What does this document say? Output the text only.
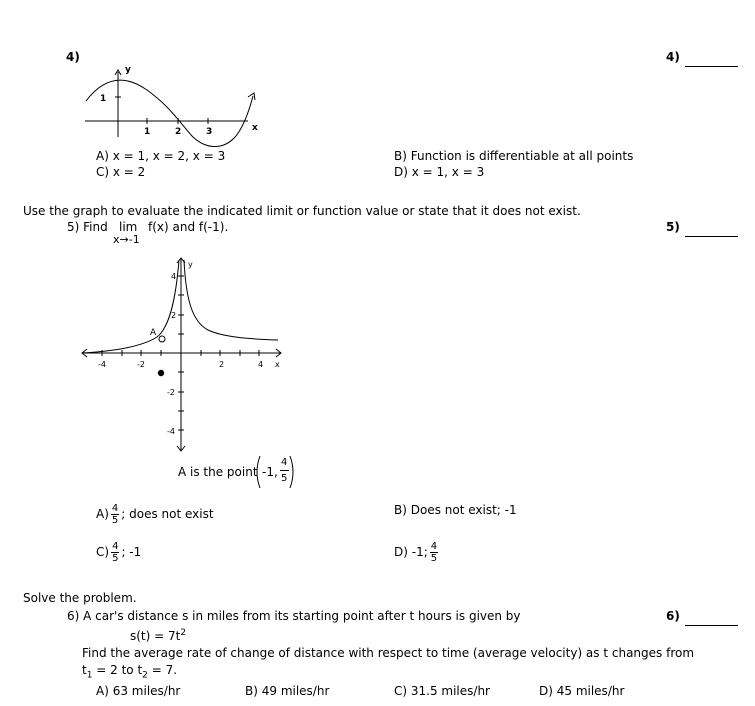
4)	4)
y
x
1
1	2	3
A) x = 1, x = 2, x = 3	B) Function is differentiable at all points
C) x = 2	D) x = 1, x = 3
Use the graph to evaluate the indicated limit or function value or state that it does not exist.
5) Find lim
x→-1
f(x) and f(-1).	5)
A
y
x
-4	-2	2	4
4
2
-2
-4
A is the point -1,
4
5
$A) \frac{4}{5}$ ; does not exist	B) Does not exist; -1
$C) \frac{4}{5}$ ; -1	D) -1; $\frac{4}{5}$
Solve the problem.
6) A car's distance s in miles from its starting point after t hours is given by	6)
$s(t) = 7t^2$
Find the average rate of change of distance with respect to time (average velocity) as t changes from
$t_1 = 2$ to $t_2 = 7$.
A) 63 miles/hr	B) 49 miles/hr	C) 31.5 miles/hr	D) 45 miles/hr
